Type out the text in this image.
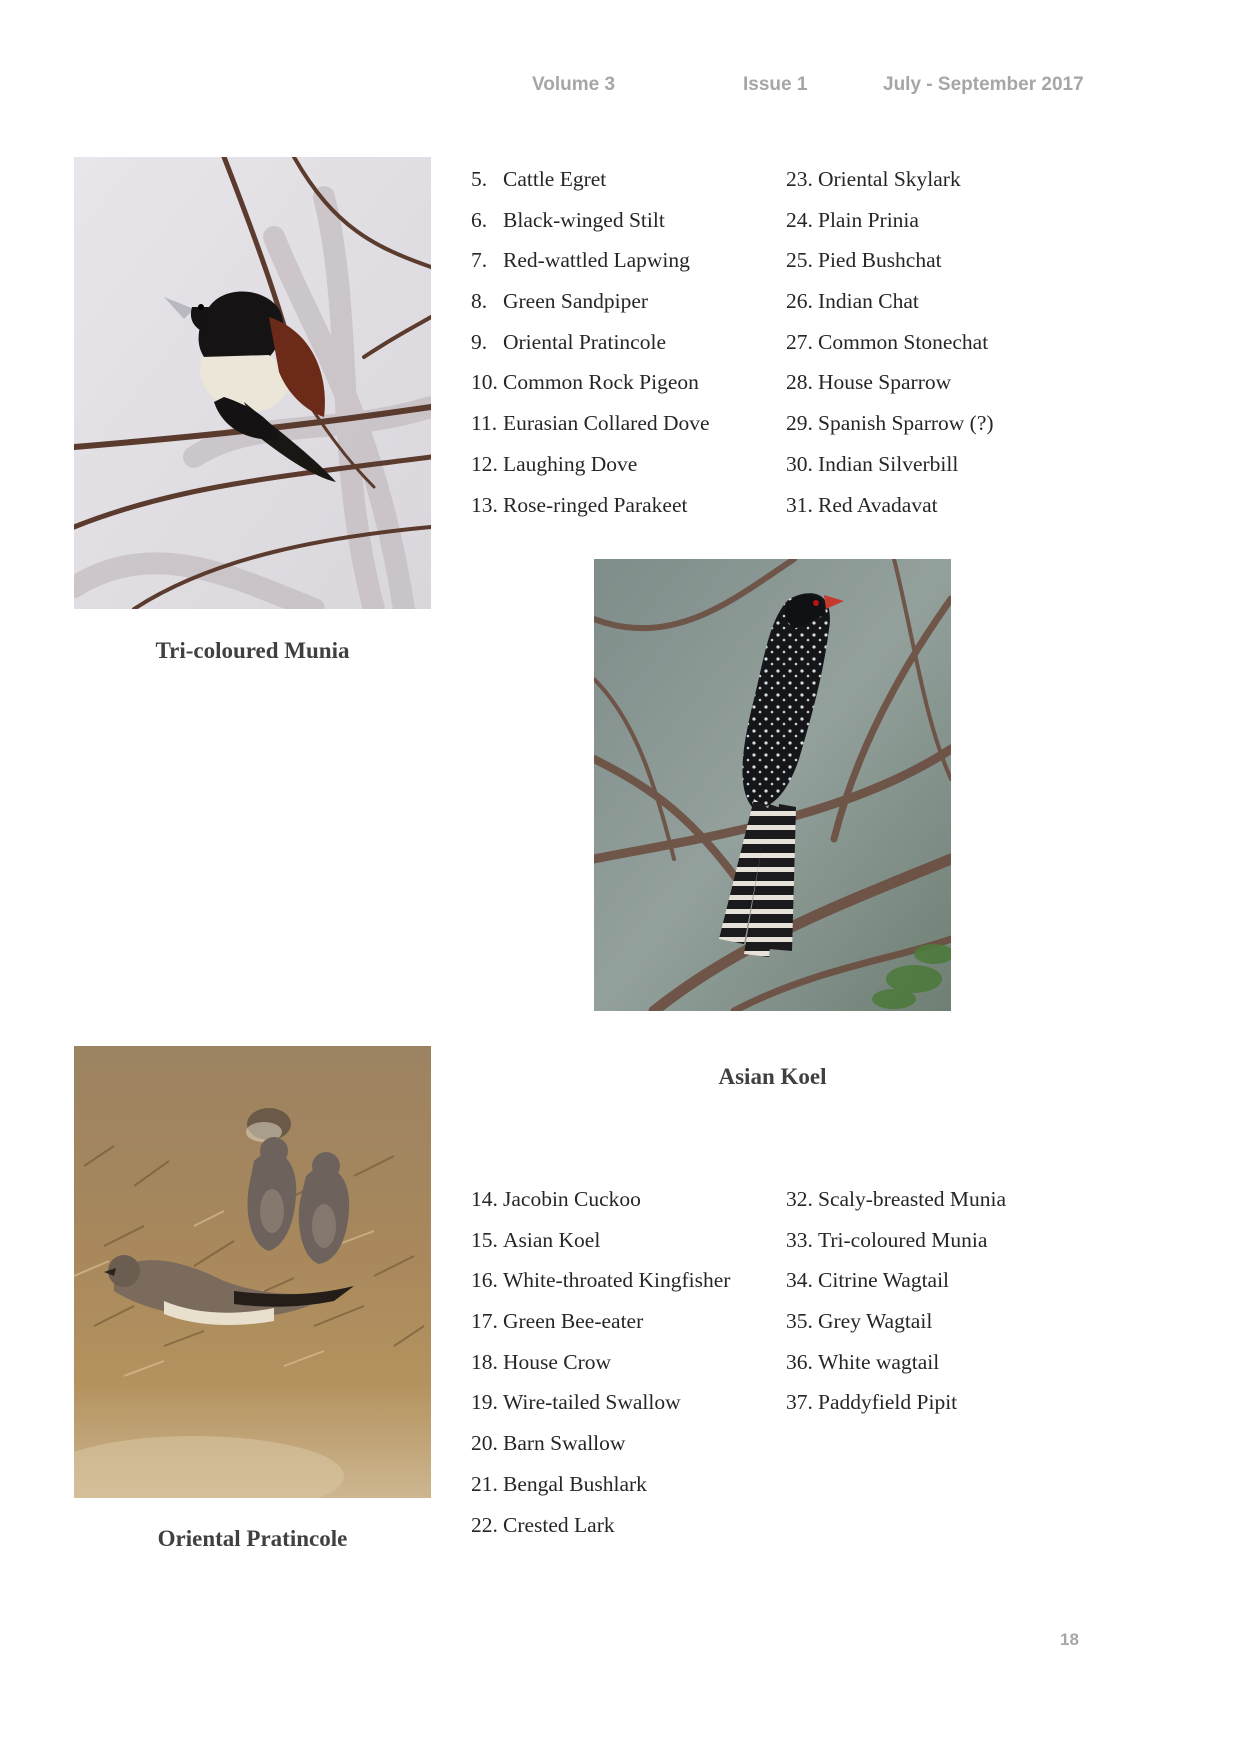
Volume 3	Issue 1	July - September 2017
Tri-coloured Munia
5. Cattle Egret
6. Black-winged Stilt
7. Red-wattled Lapwing
8. Green Sandpiper
9. Oriental Pratincole
10. Common Rock Pigeon
11. Eurasian Collared Dove
12. Laughing Dove
13. Rose-ringed Parakeet
23. Oriental Skylark
24. Plain Prinia
25. Pied Bushchat
26. Indian Chat
27. Common Stonechat
28. House Sparrow
29. Spanish Sparrow (?)
30. Indian Silverbill
31. Red Avadavat
Asian Koel
Oriental Pratincole
14. Jacobin Cuckoo
15. Asian Koel
16. White-throated Kingfisher
17. Green Bee-eater
18. House Crow
19. Wire-tailed Swallow
20. Barn Swallow
21. Bengal Bushlark
22. Crested Lark
32. Scaly-breasted Munia
33. Tri-coloured Munia
34. Citrine Wagtail
35. Grey Wagtail
36. White wagtail
37. Paddyfield Pipit
18
